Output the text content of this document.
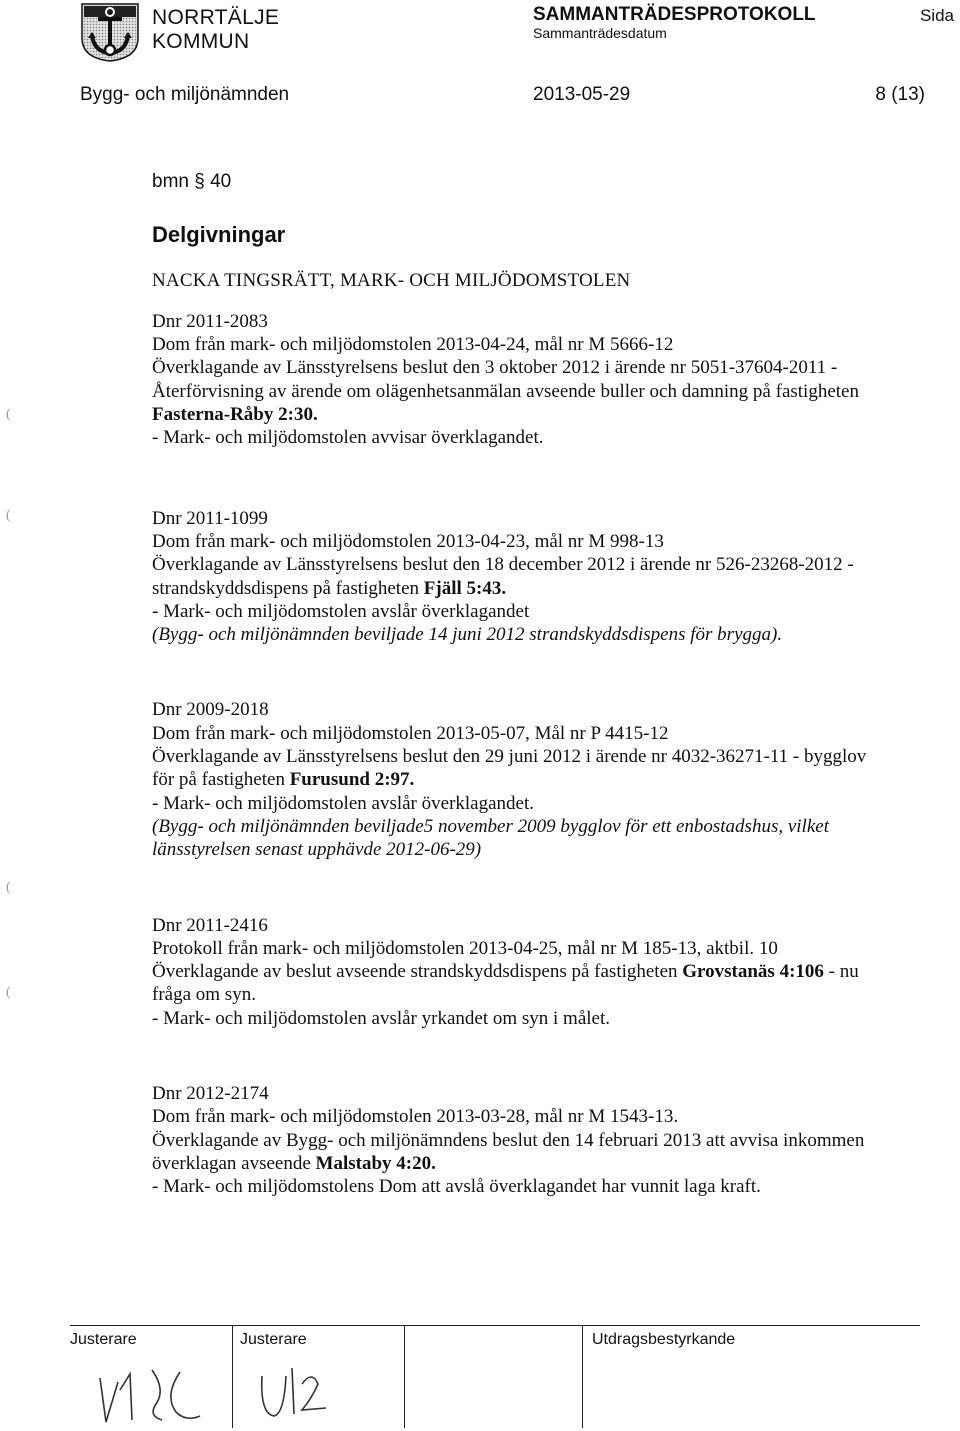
NORRTÄLJE
KOMMUN
SAMMANTRÄDESPROTOKOLL
Sammanträdesdatum
Sida
Bygg- och miljönämnden	2013-05-29	8 (13)
bmn § 40
Delgivningar
NACKA TINGSRÄTT, MARK- OCH MILJÖDOMSTOLEN
Dnr 2011-2083
Dom från mark- och miljödomstolen 2013-04-24, mål nr M 5666-12
Överklagande av Länsstyrelsens beslut den 3 oktober 2012 i ärende nr 5051-37604-2011 -
Återförvisning av ärende om olägenhetsanmälan avseende buller och damning på fastigheten
Fasterna-Råby 2:30.
- Mark- och miljödomstolen avvisar överklagandet.
Dnr 2011-1099
Dom från mark- och miljödomstolen 2013-04-23, mål nr M 998-13
Överklagande av Länsstyrelsens beslut den 18 december 2012 i ärende nr 526-23268-2012 -
strandskyddsdispens på fastigheten Fjäll 5:43.
- Mark- och miljödomstolen avslår överklagandet
(Bygg- och miljönämnden beviljade 14 juni 2012 strandskyddsdispens för brygga).
Dnr 2009-2018
Dom från mark- och miljödomstolen 2013-05-07, Mål nr P 4415-12
Överklagande av Länsstyrelsens beslut den 29 juni 2012 i ärende nr 4032-36271-11 - bygglov
för på fastigheten Furusund 2:97.
- Mark- och miljödomstolen avslår överklagandet.
(Bygg- och miljönämnden beviljade5 november 2009 bygglov för ett enbostadshus, vilket
länsstyrelsen senast upphävde 2012-06-29)
Dnr 2011-2416
Protokoll från mark- och miljödomstolen 2013-04-25, mål nr M 185-13, aktbil. 10
Överklagande av beslut avseende strandskyddsdispens på fastigheten Grovstanäs 4:106 - nu
fråga om syn.
- Mark- och miljödomstolen avslår yrkandet om syn i målet.
Dnr 2012-2174
Dom från mark- och miljödomstolen 2013-03-28, mål nr M 1543-13.
Överklagande av Bygg- och miljönämndens beslut den 14 februari 2013 att avvisa inkommen
överklagan avseende Malstaby 4:20.
- Mark- och miljödomstolens Dom att avslå överklagandet har vunnit laga kraft.
(
(
(
(
Justerare	Justerare	Utdragsbestyrkande
